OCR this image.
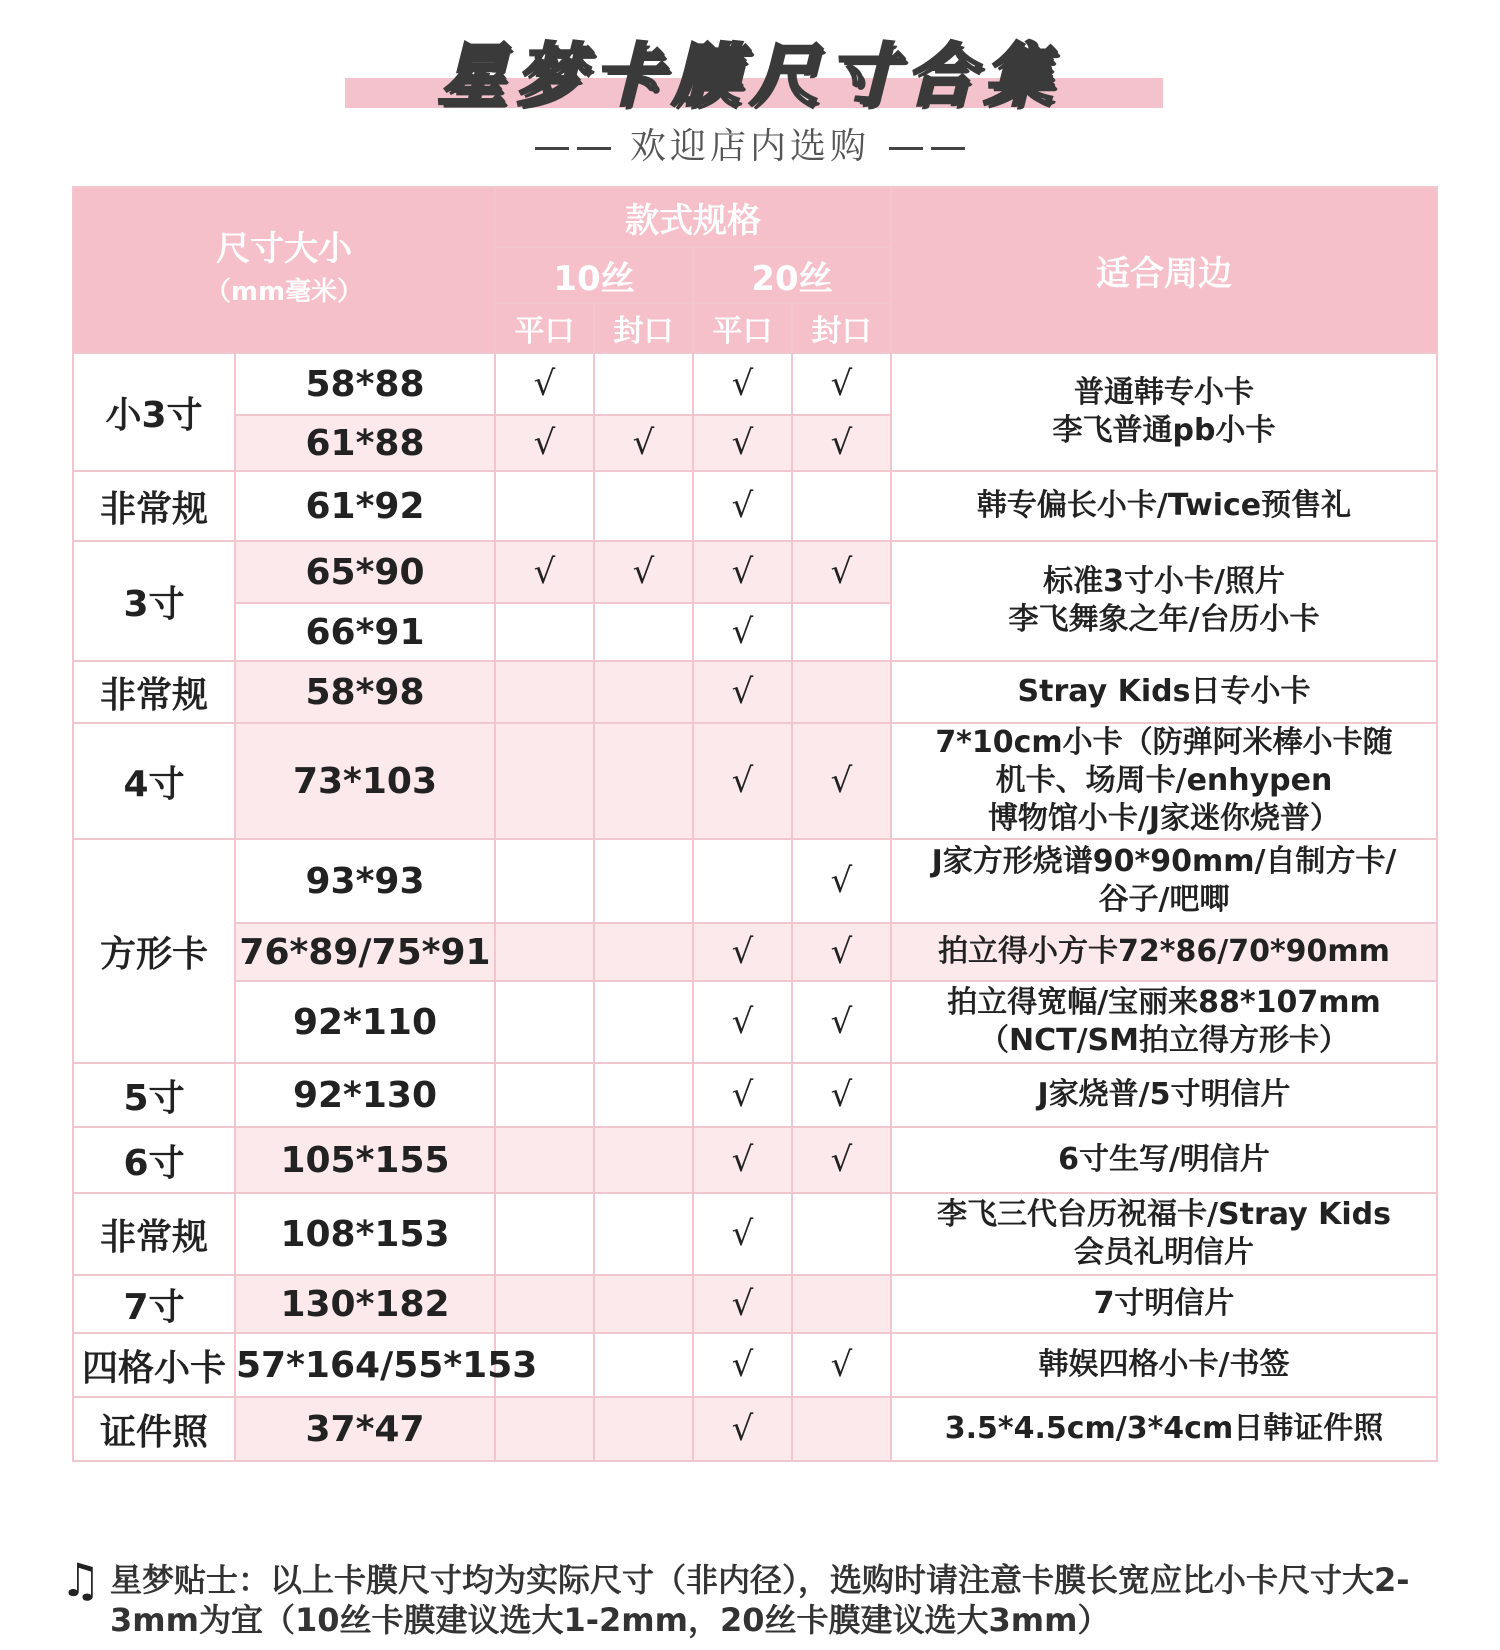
星梦卡膜尺寸合集
欢迎店内选购
尺寸大小
（mm毫米）		款式规格				适合周边
		10丝		20丝		
		平口	封口	平口	封口	
小3寸	58*88	√		√	√	普通韩专小卡
李飞普通pb小卡
	61*88	√	√	√	√	
非常规	61*92			√		韩专偏长小卡/Twice预售礼
3寸	65*90	√	√	√	√	标准3寸小卡/照片
李飞舞象之年/台历小卡
	66*91			√		
非常规	58*98			√		Stray Kids日专小卡
4寸	73*103			√	√	7*10cm小卡（防弹阿米棒小卡随
机卡、场周卡/enhypen
博物馆小卡/J家迷你烧普）
方形卡	93*93				√	J家方形烧谱90*90mm/自制方卡/
谷子/吧唧
	76*89/75*91			√	√	拍立得小方卡72*86/70*90mm
	92*110			√	√	拍立得宽幅/宝丽来88*107mm
（NCT/SM拍立得方形卡）
5寸	92*130			√	√	J家烧普/5寸明信片
6寸	105*155			√	√	6寸生写/明信片
非常规	108*153			√		李飞三代台历祝福卡/Stray Kids
会员礼明信片
7寸	130*182			√		7寸明信片
四格小卡	57*164/55*153			√	√	韩娱四格小卡/书签
证件照	37*47			√		3.5*4.5cm/3*4cm日韩证件照
♫ 星梦贴士：以上卡膜尺寸均为实际尺寸（非内径），选购时请注意卡膜长宽应比小卡尺寸大2-3mm为宜（10丝卡膜建议选大1-2mm，20丝卡膜建议选大3mm）
